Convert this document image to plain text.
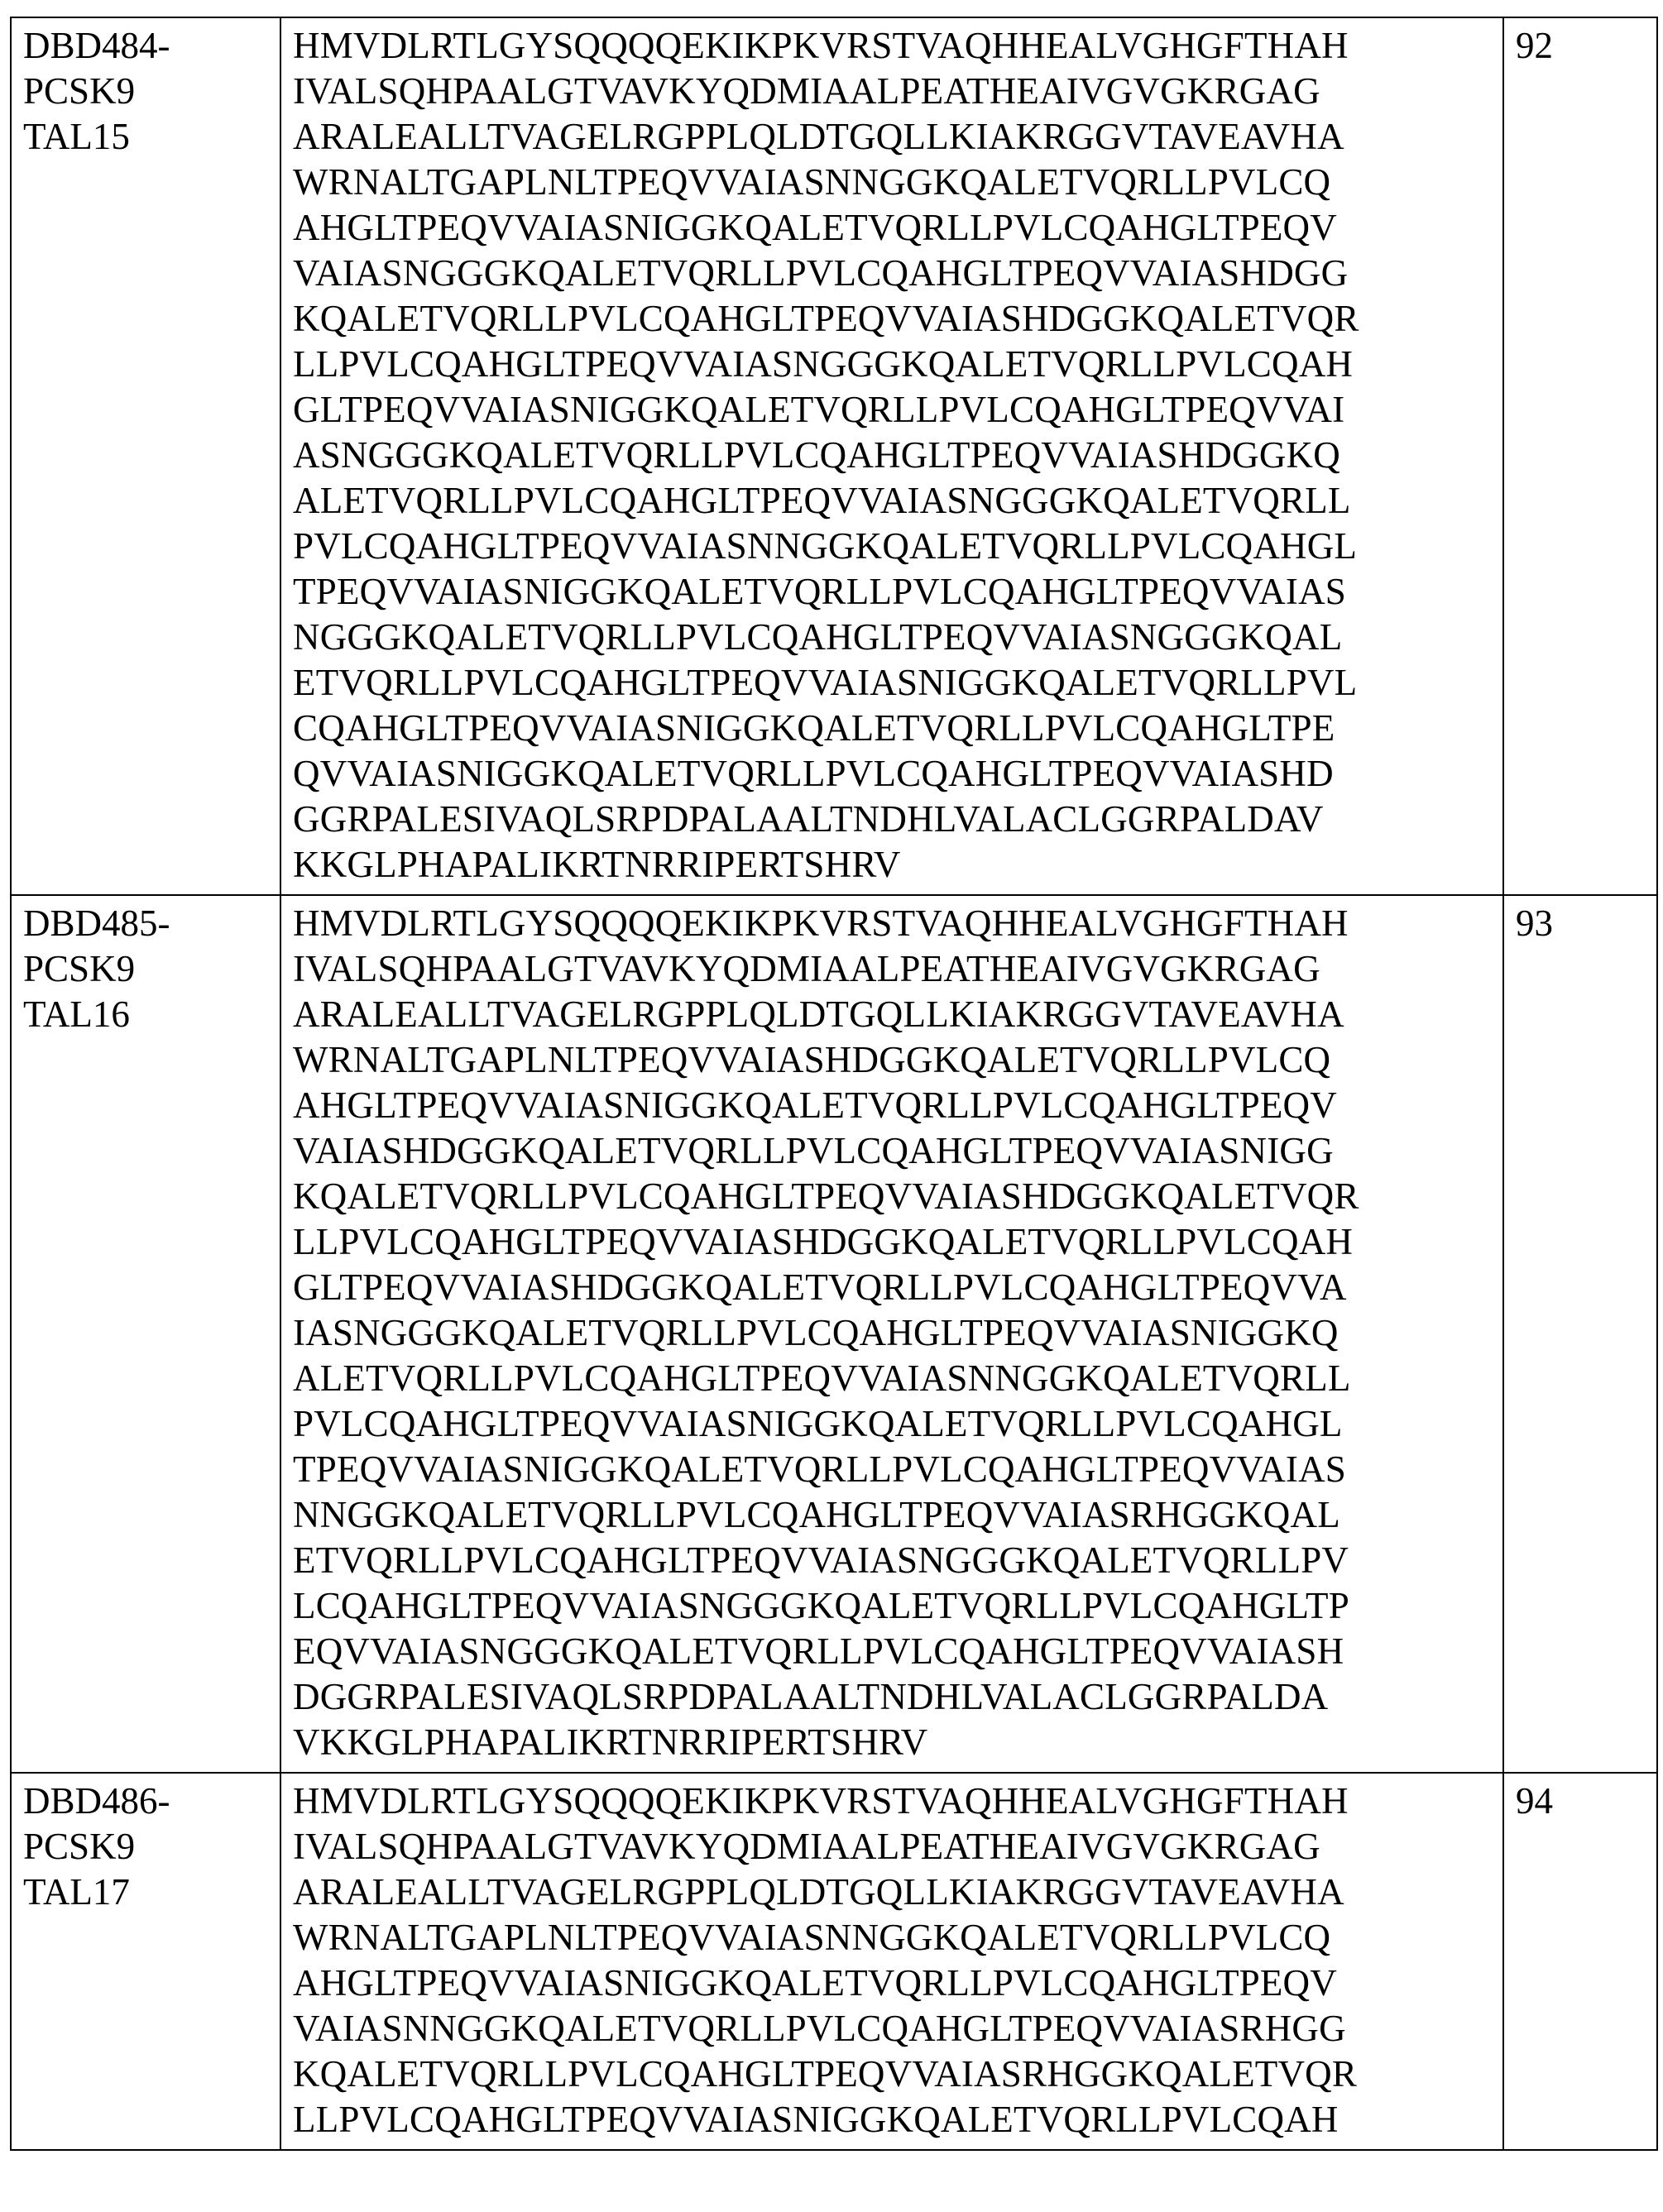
DBD484-
PCSK9
TAL15

HMVDLRTLGYSQQQQEKIKPKVRSTVAQHHEALVGHGFTHAH
IVALSQHPAALGTVAVKYQDMIAALPEATHEAIVGVGKRGAG
ARALEALLTVAGELRGPPLQLDTGQLLKIAKRGGVTAVEAVHA
WRNALTGAPLNLTPEQVVAIASNNGGKQALETVQRLLPVLCQ
AHGLTPEQVVAIASNIGGKQALETVQRLLPVLCQAHGLTPEQV
VAIASNGGGKQALETVQRLLPVLCQAHGLTPEQVVAIASHDGG
KQALETVQRLLPVLCQAHGLTPEQVVAIASHDGGKQALETVQR
LLPVLCQAHGLTPEQVVAIASNGGGKQALETVQRLLPVLCQAH
GLTPEQVVAIASNIGGKQALETVQRLLPVLCQAHGLTPEQVVAI
ASNGGGKQALETVQRLLPVLCQAHGLTPEQVVAIASHDGGKQ
ALETVQRLLPVLCQAHGLTPEQVVAIASNGGGKQALETVQRLL
PVLCQAHGLTPEQVVAIASNNGGKQALETVQRLLPVLCQAHGL
TPEQVVAIASNIGGKQALETVQRLLPVLCQAHGLTPEQVVAIAS
NGGGKQALETVQRLLPVLCQAHGLTPEQVVAIASNGGGKQAL
ETVQRLLPVLCQAHGLTPEQVVAIASNIGGKQALETVQRLLPVL
CQAHGLTPEQVVAIASNIGGKQALETVQRLLPVLCQAHGLTPE
QVVAIASNIGGKQALETVQRLLPVLCQAHGLTPEQVVAIASHD
GGRPALESIVAQLSRPDPALAALTNDHLVALACLGGRPALDAV
KKGLPHAPALIKRTNRRIPERTSHRV

92

DBD485-
PCSK9
TAL16

HMVDLRTLGYSQQQQEKIKPKVRSTVAQHHEALVGHGFTHAH
IVALSQHPAALGTVAVKYQDMIAALPEATHEAIVGVGKRGAG
ARALEALLTVAGELRGPPLQLDTGQLLKIAKRGGVTAVEAVHA
WRNALTGAPLNLTPEQVVAIASHDGGKQALETVQRLLPVLCQ
AHGLTPEQVVAIASNIGGKQALETVQRLLPVLCQAHGLTPEQV
VAIASHDGGKQALETVQRLLPVLCQAHGLTPEQVVAIASNIGG
KQALETVQRLLPVLCQAHGLTPEQVVAIASHDGGKQALETVQR
LLPVLCQAHGLTPEQVVAIASHDGGKQALETVQRLLPVLCQAH
GLTPEQVVAIASHDGGKQALETVQRLLPVLCQAHGLTPEQVVA
IASNGGGKQALETVQRLLPVLCQAHGLTPEQVVAIASNIGGKQ
ALETVQRLLPVLCQAHGLTPEQVVAIASNNGGKQALETVQRLL
PVLCQAHGLTPEQVVAIASNIGGKQALETVQRLLPVLCQAHGL
TPEQVVAIASNIGGKQALETVQRLLPVLCQAHGLTPEQVVAIAS
NNGGKQALETVQRLLPVLCQAHGLTPEQVVAIASRHGGKQAL
ETVQRLLPVLCQAHGLTPEQVVAIASNGGGKQALETVQRLLPV
LCQAHGLTPEQVVAIASNGGGKQALETVQRLLPVLCQAHGLTP
EQVVAIASNGGGKQALETVQRLLPVLCQAHGLTPEQVVAIASH
DGGRPALESIVAQLSRPDPALAALTNDHLVALACLGGRPALDA
VKKGLPHAPALIKRTNRRIPERTSHRV

93

DBD486-
PCSK9
TAL17

HMVDLRTLGYSQQQQEKIKPKVRSTVAQHHEALVGHGFTHAH
IVALSQHPAALGTVAVKYQDMIAALPEATHEAIVGVGKRGAG
ARALEALLTVAGELRGPPLQLDTGQLLKIAKRGGVTAVEAVHA
WRNALTGAPLNLTPEQVVAIASNNGGKQALETVQRLLPVLCQ
AHGLTPEQVVAIASNIGGKQALETVQRLLPVLCQAHGLTPEQV
VAIASNNGGKQALETVQRLLPVLCQAHGLTPEQVVAIASRHGG
KQALETVQRLLPVLCQAHGLTPEQVVAIASRHGGKQALETVQR
LLPVLCQAHGLTPEQVVAIASNIGGKQALETVQRLLPVLCQAH

94
